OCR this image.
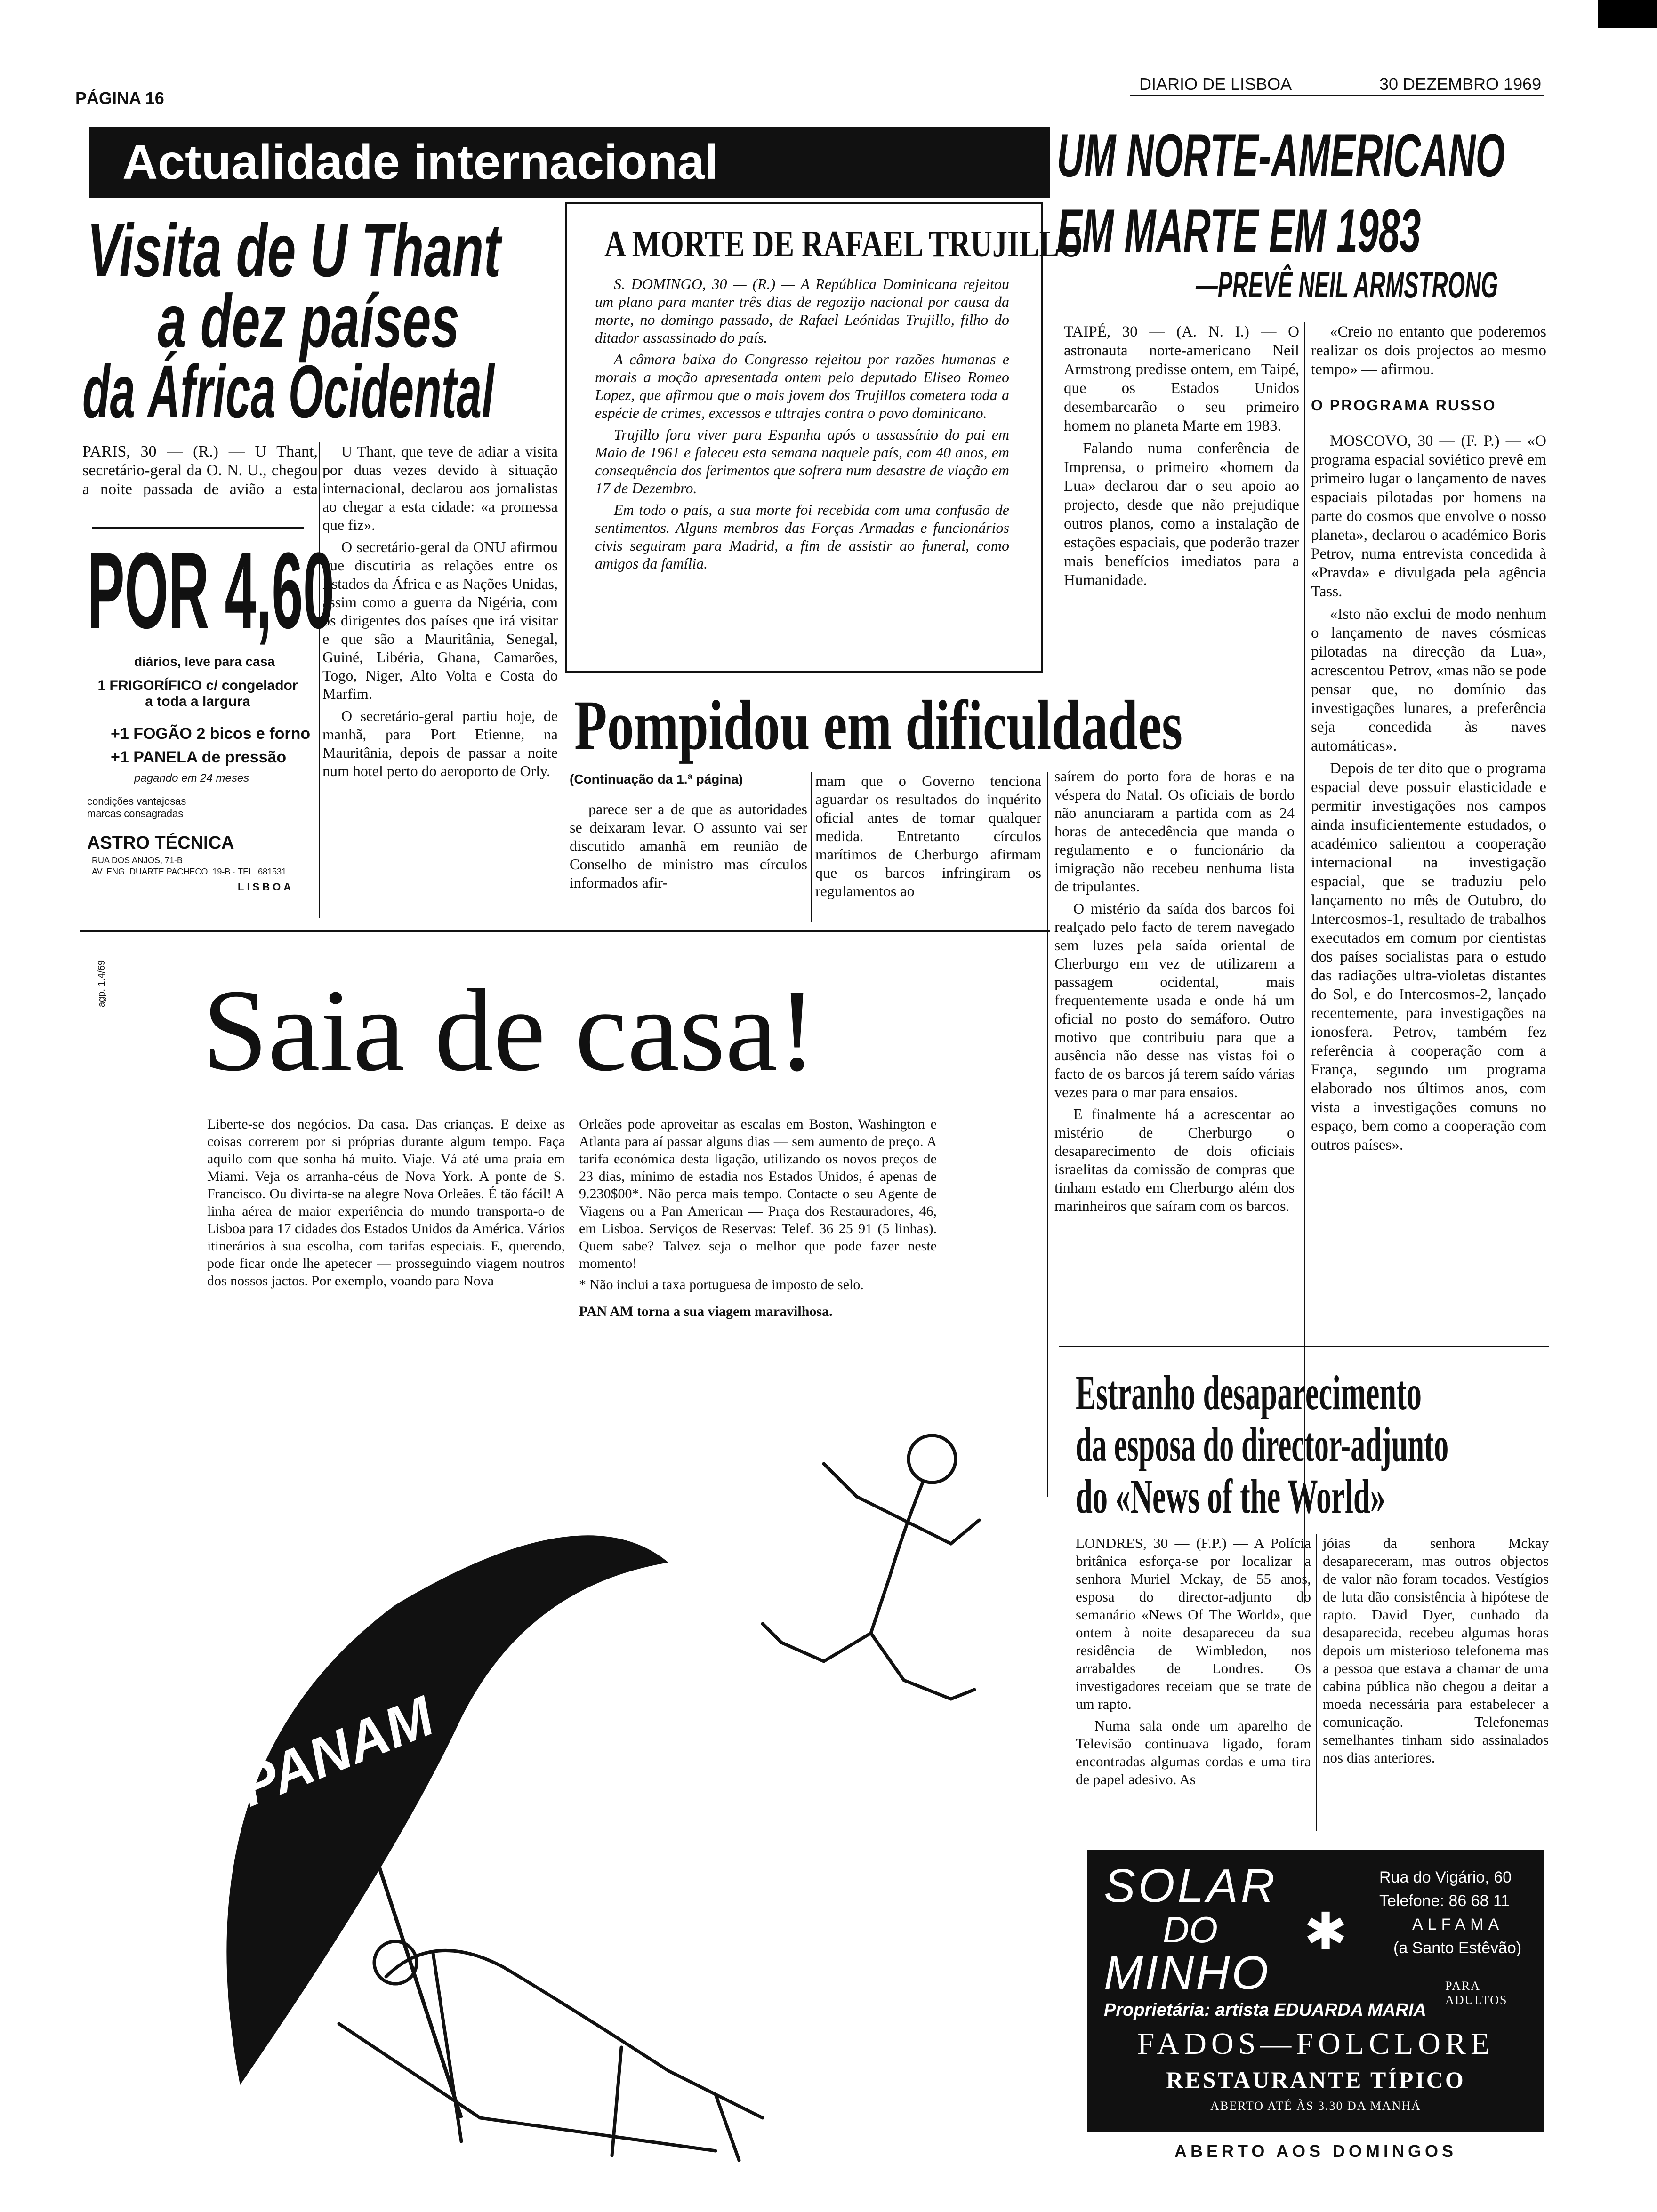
PÁGINA 16
DIARIO DE LISBOA	30 DEZEMBRO 1969
Actualidade internacional
Visita de U Thant
a dez países
da África Ocidental

PARIS, 30 — (R.) — U Thant, secretário-geral da O. N. U., chegou a noite passada de avião a esta

U Thant, que teve de adiar a visita por duas vezes devido à situação internacional, declarou aos jornalistas ao chegar a esta cidade: «a promessa que fiz».

O secretário-geral da ONU afirmou que discutiria as relações entre os Estados da África e as Nações Unidas, assim como a guerra da Nigéria, com os dirigentes dos países que irá visitar e que são a Mauritânia, Senegal, Guiné, Libéria, Ghana, Camarões, Togo, Niger, Alto Volta e Costa do Marfim.

O secretário-geral partiu hoje, de manhã, para Port Etienne, na Mauritânia, depois de passar a noite num hotel perto do aeroporto de Orly.

POR 4,60
diários, leve para casa
1 FRIGORÍFICO c/ congelador a toda a largura
+1 FOGÃO 2 bicos e forno
+1 PANELA de pressão
pagando em 24 meses
condições vantajosas marcas consagradas
ASTRO TÉCNICA
RUA DOS ANJOS, 71-B
AV. ENG. DUARTE PACHECO, 19-B · TEL. 681531
LISBOA
A MORTE DE RAFAEL TRUJILLO

S. DOMINGO, 30 — (R.) — A República Dominicana rejeitou um plano para manter três dias de regozijo nacional por causa da morte, no domingo passado, de Rafael Leónidas Trujillo, filho do ditador assassinado do país.

A câmara baixa do Congresso rejeitou por razões humanas e morais a moção apresentada ontem pelo deputado Eliseo Romeo Lopez, que afirmou que o mais jovem dos Trujillos cometera toda a espécie de crimes, excessos e ultrajes contra o povo dominicano.

Trujillo fora viver para Espanha após o assassínio do pai em Maio de 1961 e faleceu esta semana naquele país, com 40 anos, em consequência dos ferimentos que sofrera num desastre de viação em 17 de Dezembro.

Em todo o país, a sua morte foi recebida com uma confusão de sentimentos. Alguns membros das Forças Armadas e funcionários civis seguiram para Madrid, a fim de assistir ao funeral, como amigos da família.

UM NORTE-AMERICANO
EM MARTE EM 1983
—PREVÊ NEIL ARMSTRONG

TAIPÉ, 30 — (A. N. I.) — O astronauta norte-americano Neil Armstrong predisse ontem, em Taipé, que os Estados Unidos desembarcarão o seu primeiro homem no planeta Marte em 1983.

Falando numa conferência de Imprensa, o primeiro «homem da Lua» declarou dar o seu apoio ao projecto, desde que não prejudique outros planos, como a instalação de estações espaciais, que poderão trazer mais benefícios imediatos para a Humanidade.

«Creio no entanto que poderemos realizar os dois projectos ao mesmo tempo» — afirmou.

O PROGRAMA RUSSO

MOSCOVO, 30 — (F. P.) — «O programa espacial soviético prevê em primeiro lugar o lançamento de naves espaciais pilotadas por homens na parte do cosmos que envolve o nosso planeta», declarou o académico Boris Petrov, numa entrevista concedida à «Pravda» e divulgada pela agência Tass.

«Isto não exclui de modo nenhum o lançamento de naves cósmicas pilotadas na direcção da Lua», acrescentou Petrov, «mas não se pode pensar que, no domínio das investigações lunares, a preferência seja concedida às naves automáticas».

Depois de ter dito que o programa espacial deve possuir elasticidade e permitir investigações nos campos ainda insuficientemente estudados, o académico salientou a cooperação internacional na investigação espacial, que se traduziu pelo lançamento no mês de Outubro, do Intercosmos-1, resultado de trabalhos executados em comum por cientistas dos países socialistas para o estudo das radiações ultra-violetas distantes do Sol, e do Intercosmos-2, lançado recentemente, para investigações na ionosfera. Petrov, também fez referência à cooperação com a França, segundo um programa elaborado nos últimos anos, com vista a investigações comuns no espaço, bem como a cooperação com outros países».

Pompidou em dificuldades
(Continuação da 1.ª página)

parece ser a de que as autoridades se deixaram levar. O assunto vai ser discutido amanhã em reunião de Conselho de ministro mas círculos informados afir-

mam que o Governo tenciona aguardar os resultados do inquérito oficial antes de tomar qualquer medida. Entretanto círculos marítimos de Cherburgo afirmam que os barcos infringiram os regulamentos ao

saírem do porto fora de horas e na véspera do Natal. Os oficiais de bordo não anunciaram a partida com as 24 horas de antecedência que manda o regulamento e o funcionário da imigração não recebeu nenhuma lista de tripulantes.

O mistério da saída dos barcos foi realçado pelo facto de terem navegado sem luzes pela saída oriental de Cherburgo em vez de utilizarem a passagem ocidental, mais frequentemente usada e onde há um oficial no posto do semáforo. Outro motivo que contribuiu para que a ausência não desse nas vistas foi o facto de os barcos já terem saído várias vezes para o mar para ensaios.

E finalmente há a acrescentar ao mistério de Cherburgo o desaparecimento de dois oficiais israelitas da comissão de compras que tinham estado em Cherburgo além dos marinheiros que saíram com os barcos.

agp. 1.4/69 Saia de casa!

Liberte-se dos negócios. Da casa. Das crianças. E deixe as coisas correrem por si próprias durante algum tempo. Faça aquilo com que sonha há muito. Viaje. Vá até uma praia em Miami. Veja os arranha-céus de Nova York. A ponte de S. Francisco. Ou divirta-se na alegre Nova Orleães. É tão fácil! A linha aérea de maior experiência do mundo transporta-o de Lisboa para 17 cidades dos Estados Unidos da América. Vários itinerários à sua escolha, com tarifas especiais. E, querendo, pode ficar onde lhe apetecer — prosseguindo viagem noutros dos nossos jactos. Por exemplo, voando para Nova

Orleães pode aproveitar as escalas em Boston, Washington e Atlanta para aí passar alguns dias — sem aumento de preço. A tarifa económica desta ligação, utilizando os novos preços de 23 dias, mínimo de estadia nos Estados Unidos, é apenas de 9.230$00*. Não perca mais tempo. Contacte o seu Agente de Viagens ou a Pan American — Praça dos Restauradores, 46, em Lisboa. Serviços de Reservas: Telef. 36 25 91 (5 linhas). Quem sabe? Talvez seja o melhor que pode fazer neste momento!

* Não inclui a taxa portuguesa de imposto de selo.

PAN AM torna a sua viagem maravilhosa.

PANAM
Estranho desaparecimento
da esposa do director-adjunto
do «News of the World»

LONDRES, 30 — (F.P.) — A Polícia britânica esforça-se por localizar a senhora Muriel Mckay, de 55 anos, esposa do director-adjunto do semanário «News Of The World», que ontem à noite desapareceu da sua residência de Wimbledon, nos arrabaldes de Londres. Os investigadores receiam que se trate de um rapto.

Numa sala onde um aparelho de Televisão continuava ligado, foram encontradas algumas cordas e uma tira de papel adesivo. As

jóias da senhora Mckay desapareceram, mas outros objectos de valor não foram tocados. Vestígios de luta dão consistência à hipótese de rapto. David Dyer, cunhado da desaparecida, recebeu algumas horas depois um misterioso telefonema mas a pessoa que estava a chamar de uma cabina pública não chegou a deitar a moeda necessária para estabelecer a comunicação. Telefonemas semelhantes tinham sido assinalados nos dias anteriores.

SOLAR
DO
MINHO
✱
Rua do Vigário, 60
Telefone: 86 68 11
ALFAMA
(a Santo Estêvão)
PARA ADULTOS
Proprietária: artista EDUARDA MARIA
FADOS—FOLCLORE
RESTAURANTE TÍPICO
ABERTO ATÉ ÀS 3.30 DA MANHÃ
ABERTO AOS DOMINGOS
